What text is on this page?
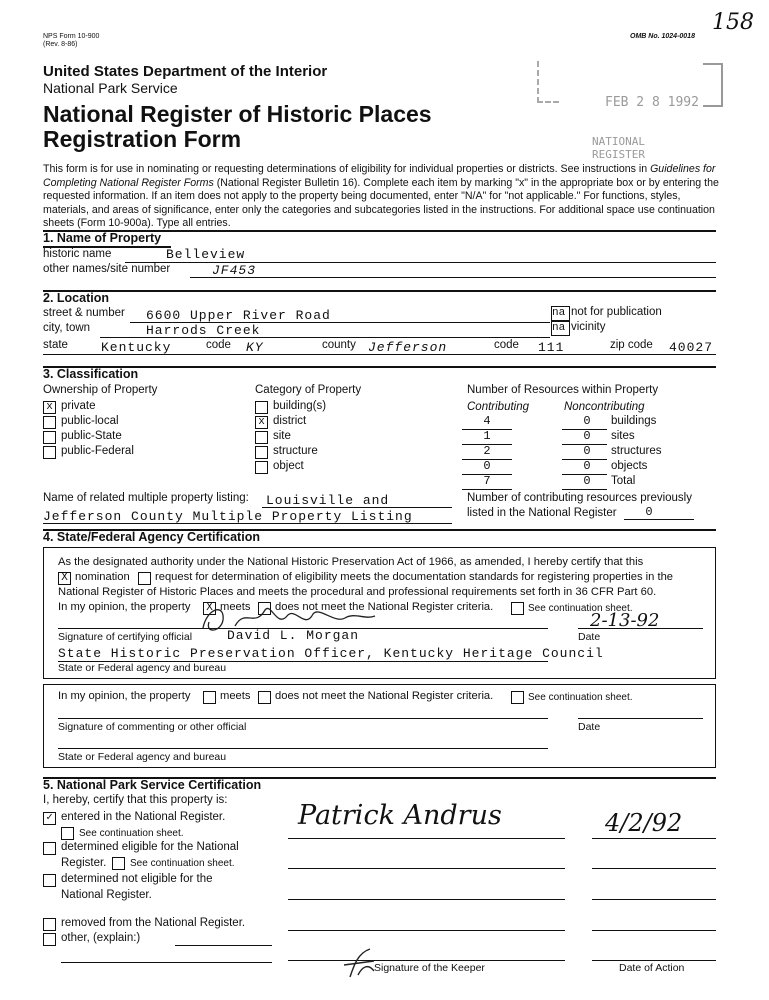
NPS Form 10-900
(Rev. 8-86)
OMB No. 1024-0018
158
United States Department of the Interior
National Park Service
National Register of Historic Places
Registration Form
FEB 2 8 1992
NATIONAL
REGISTER
This form is for use in nominating or requesting determinations of eligibility for individual properties or districts. See instructions in Guidelines for Completing National Register Forms (National Register Bulletin 16). Complete each item by marking "x" in the appropriate box or by entering the requested information. If an item does not apply to the property being documented, enter "N/A" for "not applicable." For functions, styles, materials, and areas of significance, enter only the categories and subcategories listed in the instructions. For additional space use continuation sheets (Form 10-900a). Type all entries.
1. Name of Property
historic name	Belleview
other names/site number	JF453
2. Location
street & number 6600 Upper River Road	na not for publication
city, town	Harrods Creek	na vicinity
state	Kentucky	code KY	county Jefferson	code 111	zip code 40027
3. Classification
Ownership of Property	Category of Property	Number of Resources within Property
x private
public-local
public-State
public-Federal
building(s)
x district
site
structure
object
Contributing	Noncontributing
4	0	buildings
1	0	sites
2	0	structures
0	0	objects
7	0	Total
Name of related multiple property listing: Louisville and
Jefferson County Multiple Property Listing
Number of contributing resources previously
listed in the National Register	0
4. State/Federal Agency Certification
As the designated authority under the National Historic Preservation Act of 1966, as amended, I hereby certify that this
X nomination request for determination of eligibility meets the documentation standards for registering properties in the
National Register of Historic Places and meets the procedural and professional requirements set forth in 36 CFR Part 60.
In my opinion, the property X meets does not meet the National Register criteria.	See continuation sheet.
Signature of certifying official	David L. Morgan
2-13-92
Date
State Historic Preservation Officer, Kentucky Heritage Council
State or Federal agency and bureau
In my opinion, the property	meets does not meet the National Register criteria.	See continuation sheet.
Signature of commenting or other official	Date
State or Federal agency and bureau
5. National Park Service Certification
I, hereby, certify that this property is:
✓ entered in the National Register.
See continuation sheet.
determined eligible for the National
Register. See continuation sheet.
determined not eligible for the
National Register.
removed from the National Register.
other, (explain:)
Patrick Andrus	4/2/92
Signature of the Keeper	Date of Action
